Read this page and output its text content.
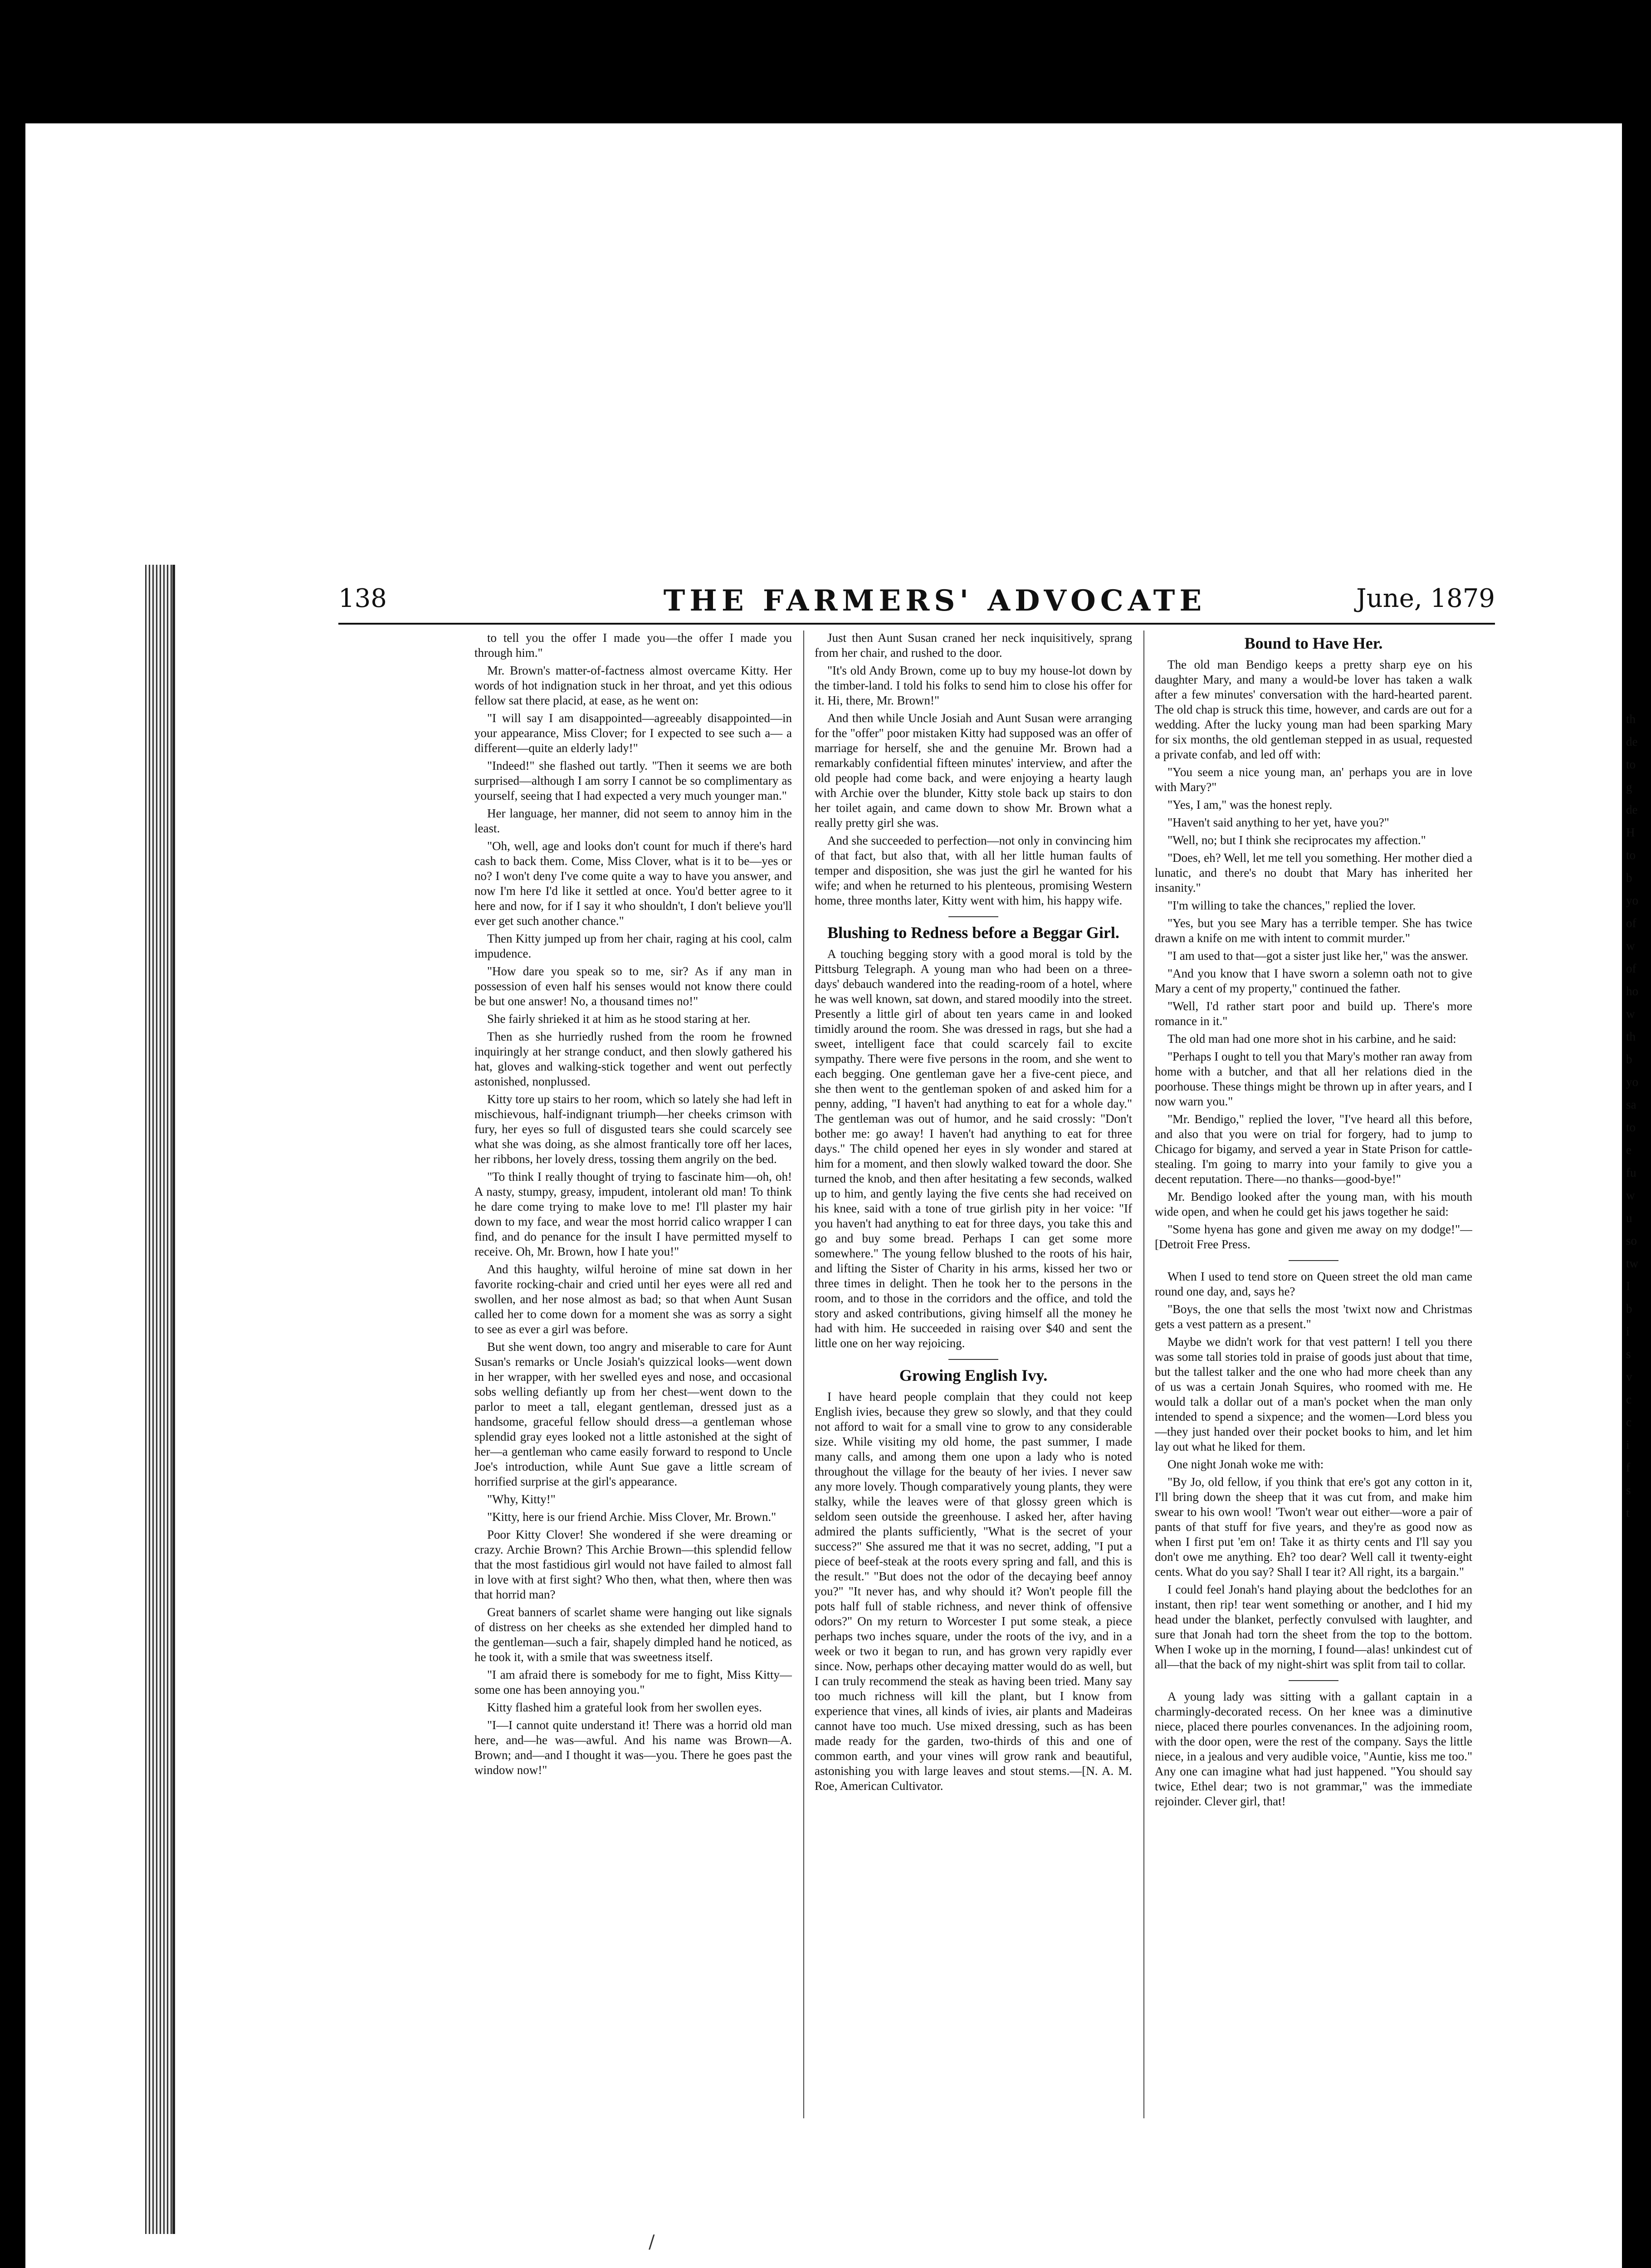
138	THE FARMERS' ADVOCATE	June, 1879

to tell you the offer I made you—the offer I made you through him."

Mr. Brown's matter-of-factness almost overcame Kitty. Her words of hot indignation stuck in her throat, and yet this odious fellow sat there placid, at ease, as he went on:

"I will say I am disappointed—agreeably disappointed—in your appearance, Miss Clover; for I expected to see such a— a different—quite an elderly lady!"

"Indeed!" she flashed out tartly. "Then it seems we are both surprised—although I am sorry I cannot be so complimentary as yourself, seeing that I had expected a very much younger man."

Her language, her manner, did not seem to annoy him in the least.

"Oh, well, age and looks don't count for much if there's hard cash to back them. Come, Miss Clover, what is it to be—yes or no? I won't deny I've come quite a way to have you answer, and now I'm here I'd like it settled at once. You'd better agree to it here and now, for if I say it who shouldn't, I don't believe you'll ever get such another chance."

Then Kitty jumped up from her chair, raging at his cool, calm impudence.

"How dare you speak so to me, sir? As if any man in possession of even half his senses would not know there could be but one answer! No, a thousand times no!"

She fairly shrieked it at him as he stood staring at her.

Then as she hurriedly rushed from the room he frowned inquiringly at her strange conduct, and then slowly gathered his hat, gloves and walking-stick together and went out perfectly astonished, nonplussed.

Kitty tore up stairs to her room, which so lately she had left in mischievous, half-indignant triumph—her cheeks crimson with fury, her eyes so full of disgusted tears she could scarcely see what she was doing, as she almost frantically tore off her laces, her ribbons, her lovely dress, tossing them angrily on the bed.

"To think I really thought of trying to fascinate him—oh, oh! A nasty, stumpy, greasy, impudent, intolerant old man! To think he dare come trying to make love to me! I'll plaster my hair down to my face, and wear the most horrid calico wrapper I can find, and do penance for the insult I have permitted myself to receive. Oh, Mr. Brown, how I hate you!"

And this haughty, wilful heroine of mine sat down in her favorite rocking-chair and cried until her eyes were all red and swollen, and her nose almost as bad; so that when Aunt Susan called her to come down for a moment she was as sorry a sight to see as ever a girl was before.

But she went down, too angry and miserable to care for Aunt Susan's remarks or Uncle Josiah's quizzical looks—went down in her wrapper, with her swelled eyes and nose, and occasional sobs welling defiantly up from her chest—went down to the parlor to meet a tall, elegant gentleman, dressed just as a handsome, graceful fellow should dress—a gentleman whose splendid gray eyes looked not a little astonished at the sight of her—a gentleman who came easily forward to respond to Uncle Joe's introduction, while Aunt Sue gave a little scream of horrified surprise at the girl's appearance.

"Why, Kitty!"

"Kitty, here is our friend Archie. Miss Clover, Mr. Brown."

Poor Kitty Clover! She wondered if she were dreaming or crazy. Archie Brown? This Archie Brown—this splendid fellow that the most fastidious girl would not have failed to almost fall in love with at first sight? Who then, what then, where then was that horrid man?

Great banners of scarlet shame were hanging out like signals of distress on her cheeks as she extended her dimpled hand to the gentleman—such a fair, shapely dimpled hand he noticed, as he took it, with a smile that was sweetness itself.

"I am afraid there is somebody for me to fight, Miss Kitty—some one has been annoying you."

Kitty flashed him a grateful look from her swollen eyes.

"I—I cannot quite understand it! There was a horrid old man here, and—he was—awful. And his name was Brown—A. Brown; and—and I thought it was—you. There he goes past the window now!"

Just then Aunt Susan craned her neck inquisitively, sprang from her chair, and rushed to the door.

"It's old Andy Brown, come up to buy my house-lot down by the timber-land. I told his folks to send him to close his offer for it. Hi, there, Mr. Brown!"

And then while Uncle Josiah and Aunt Susan were arranging for the "offer" poor mistaken Kitty had supposed was an offer of marriage for herself, she and the genuine Mr. Brown had a remarkably confidential fifteen minutes' interview, and after the old people had come back, and were enjoying a hearty laugh with Archie over the blunder, Kitty stole back up stairs to don her toilet again, and came down to show Mr. Brown what a really pretty girl she was.

And she succeeded to perfection—not only in convincing him of that fact, but also that, with all her little human faults of temper and disposition, she was just the girl he wanted for his wife; and when he returned to his plenteous, promising Western home, three months later, Kitty went with him, his happy wife.

Blushing to Redness before a Beggar Girl.

A touching begging story with a good moral is told by the Pittsburg Telegraph. A young man who had been on a three-days' debauch wandered into the reading-room of a hotel, where he was well known, sat down, and stared moodily into the street. Presently a little girl of about ten years came in and looked timidly around the room. She was dressed in rags, but she had a sweet, intelligent face that could scarcely fail to excite sympathy. There were five persons in the room, and she went to each begging. One gentleman gave her a five-cent piece, and she then went to the gentleman spoken of and asked him for a penny, adding, "I haven't had anything to eat for a whole day." The gentleman was out of humor, and he said crossly: "Don't bother me: go away! I haven't had anything to eat for three days." The child opened her eyes in sly wonder and stared at him for a moment, and then slowly walked toward the door. She turned the knob, and then after hesitating a few seconds, walked up to him, and gently laying the five cents she had received on his knee, said with a tone of true girlish pity in her voice: "If you haven't had anything to eat for three days, you take this and go and buy some bread. Perhaps I can get some more somewhere." The young fellow blushed to the roots of his hair, and lifting the Sister of Charity in his arms, kissed her two or three times in delight. Then he took her to the persons in the room, and to those in the corridors and the office, and told the story and asked contributions, giving himself all the money he had with him. He succeeded in raising over $40 and sent the little one on her way rejoicing.

Growing English Ivy.

I have heard people complain that they could not keep English ivies, because they grew so slowly, and that they could not afford to wait for a small vine to grow to any considerable size. While visiting my old home, the past summer, I made many calls, and among them one upon a lady who is noted throughout the village for the beauty of her ivies. I never saw any more lovely. Though comparatively young plants, they were stalky, while the leaves were of that glossy green which is seldom seen outside the greenhouse. I asked her, after having admired the plants sufficiently, "What is the secret of your success?" She assured me that it was no secret, adding, "I put a piece of beef-steak at the roots every spring and fall, and this is the result." "But does not the odor of the decaying beef annoy you?" "It never has, and why should it? Won't people fill the pots half full of stable richness, and never think of offensive odors?" On my return to Worcester I put some steak, a piece perhaps two inches square, under the roots of the ivy, and in a week or two it began to run, and has grown very rapidly ever since. Now, perhaps other decaying matter would do as well, but I can truly recommend the steak as having been tried. Many say too much richness will kill the plant, but I know from experience that vines, all kinds of ivies, air plants and Madeiras cannot have too much. Use mixed dressing, such as has been made ready for the garden, two-thirds of this and one of common earth, and your vines will grow rank and beautiful, astonishing you with large leaves and stout stems.—[N. A. M. Roe, American Cultivator.

Bound to Have Her.

The old man Bendigo keeps a pretty sharp eye on his daughter Mary, and many a would-be lover has taken a walk after a few minutes' conversation with the hard-hearted parent. The old chap is struck this time, however, and cards are out for a wedding. After the lucky young man had been sparking Mary for six months, the old gentleman stepped in as usual, requested a private confab, and led off with:

"You seem a nice young man, an' perhaps you are in love with Mary?"

"Yes, I am," was the honest reply.

"Haven't said anything to her yet, have you?"

"Well, no; but I think she reciprocates my affection."

"Does, eh? Well, let me tell you something. Her mother died a lunatic, and there's no doubt that Mary has inherited her insanity."

"I'm willing to take the chances," replied the lover.

"Yes, but you see Mary has a terrible temper. She has twice drawn a knife on me with intent to commit murder."

"I am used to that—got a sister just like her," was the answer.

"And you know that I have sworn a solemn oath not to give Mary a cent of my property," continued the father.

"Well, I'd rather start poor and build up. There's more romance in it."

The old man had one more shot in his carbine, and he said:

"Perhaps I ought to tell you that Mary's mother ran away from home with a butcher, and that all her relations died in the poorhouse. These things might be thrown up in after years, and I now warn you."

"Mr. Bendigo," replied the lover, "I've heard all this before, and also that you were on trial for forgery, had to jump to Chicago for bigamy, and served a year in State Prison for cattle-stealing. I'm going to marry into your family to give you a decent reputation. There—no thanks—good-bye!"

Mr. Bendigo looked after the young man, with his mouth wide open, and when he could get his jaws together he said:

"Some hyena has gone and given me away on my dodge!"—[Detroit Free Press.

When I used to tend store on Queen street the old man came round one day, and, says he?

"Boys, the one that sells the most 'twixt now and Christmas gets a vest pattern as a present."

Maybe we didn't work for that vest pattern! I tell you there was some tall stories told in praise of goods just about that time, but the tallest talker and the one who had more cheek than any of us was a certain Jonah Squires, who roomed with me. He would talk a dollar out of a man's pocket when the man only intended to spend a sixpence; and the women—Lord bless you—they just handed over their pocket books to him, and let him lay out what he liked for them.

One night Jonah woke me with:

"By Jo, old fellow, if you think that ere's got any cotton in it, I'll bring down the sheep that it was cut from, and make him swear to his own wool! 'Twon't wear out either—wore a pair of pants of that stuff for five years, and they're as good now as when I first put 'em on! Take it as thirty cents and I'll say you don't owe me anything. Eh? too dear? Well call it twenty-eight cents. What do you say? Shall I tear it? All right, its a bargain."

I could feel Jonah's hand playing about the bedclothes for an instant, then rip! tear went something or another, and I hid my head under the blanket, perfectly convulsed with laughter, and sure that Jonah had torn the sheet from the top to the bottom. When I woke up in the morning, I found—alas! unkindest cut of all—that the back of my night-shirt was split from tail to collar.

A young lady was sitting with a gallant captain in a charmingly-decorated recess. On her knee was a diminutive niece, placed there pourles convenances. In the adjoining room, with the door open, were the rest of the company. Says the little niece, in a jealous and very audible voice, "Auntie, kiss me too." Any one can imagine what had just happened. "You should say twice, Ethel dear; two is not grammar," was the immediate rejoinder. Clever girl, that!

th
de
to
g
de
H
to
b
yo
of
w
of
ho
w
th
b
yo
sa
to
e
fu
w
u
so
tw
I
b
i
s
v
c
c
i
f
s
t
/
